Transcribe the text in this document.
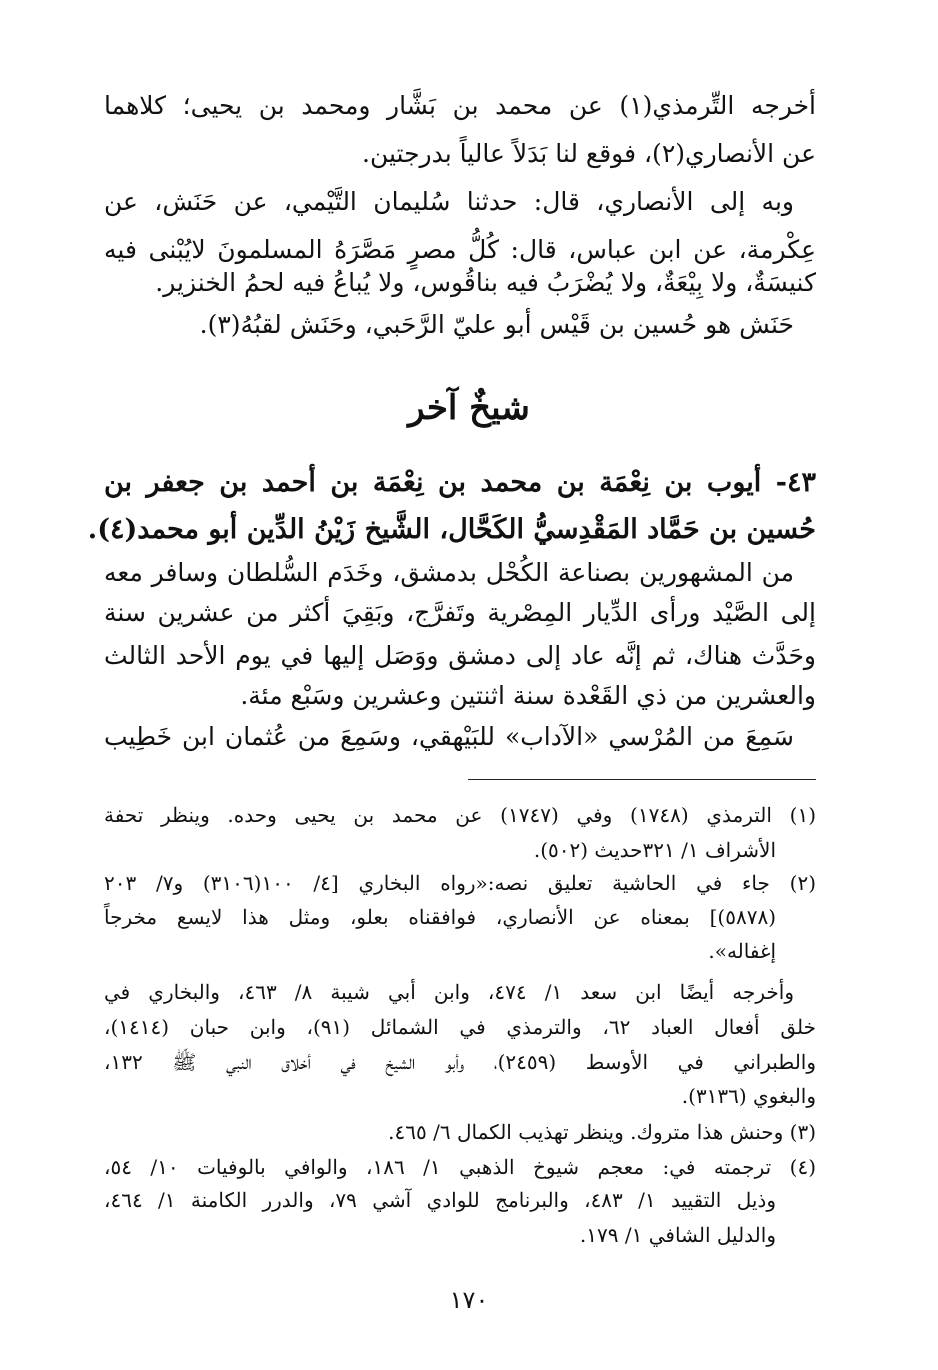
أخرجه التِّرمذي(١) عن محمد بن بَشَّار ومحمد بن يحيى؛ كلاهما
عن الأنصاري(٢)، فوقع لنا بَدَلاً عالياً بدرجتين.
وبه إلى الأنصاري، قال: حدثنا سُليمان التَّيْمي، عن حَنَش، عن
عِكْرمة، عن ابن عباس، قال: كُلُّ مصرٍ مَصَّرَهُ المسلمونَ لايُبْنى فيه
كنيسَةٌ، ولا بِيْعَةٌ، ولا يُضْرَبُ فيه بناقُوس، ولا يُباعُ فيه لحمُ الخنزير.
حَنَش هو حُسين بن قَيْس أبو عليّ الرَّحَبي، وحَنَش لقبُهُ(٣).
شيخٌ آخر
٤٣- أيوب بن نِعْمَة بن محمد بن نِعْمَة بن أحمد بن جعفر بن
حُسين بن حَمَّاد المَقْدِسيُّ الكَحَّال، الشَّيخ زَيْنُ الدِّين أبو محمد(٤).
من المشهورين بصناعة الكُحْل بدمشق، وخَدَم السُّلطان وسافر معه
إلى الصَّيْد ورأى الدِّيار المِصْرية وتَفرَّج، وبَقِيَ أكثر من عشرين سنة
وحَدَّث هناك، ثم إنَّه عاد إلى دمشق ووَصَل إليها في يوم الأحد الثالث
والعشرين من ذي القَعْدة سنة اثنتين وعشرين وسَبْع مئة.
سَمِعَ من المُرْسي «الآداب» للبَيْهقي، وسَمِعَ من عُثمان ابن خَطِيب
(١) الترمذي (١٧٤٨) وفي (١٧٤٧) عن محمد بن يحيى وحده. وينظر تحفة
الأشراف ١/ ٣٢١حديث (٥٠٢).
(٢) جاء في الحاشية تعليق نصه:«رواه البخاري [٤/ ١٠٠(٣١٠٦) و٧/ ٢٠٣
(٥٨٧٨)] بمعناه عن الأنصاري، فوافقناه بعلو، ومثل هذا لايسع مخرجاً
إغفاله».
وأخرجه أيضًا ابن سعد ١/ ٤٧٤، وابن أبي شيبة ٨/ ٤٦٣، والبخاري في
خلق أفعال العباد ٦٢، والترمذي في الشمائل (٩١)، وابن حبان (١٤١٤)،
والطبراني في الأوسط (٢٤٥٩)، وأبو الشيخ في أخلاق النبي ﷺ ١٣٢،
والبغوي (٣١٣٦).
(٣) وحنش هذا متروك. وينظر تهذيب الكمال ٦/ ٤٦٥.
(٤) ترجمته في: معجم شيوخ الذهبي ١/ ١٨٦، والوافي بالوفيات ١٠/ ٥٤،
وذيل التقييد ١/ ٤٨٣، والبرنامج للوادي آشي ٧٩، والدرر الكامنة ١/ ٤٦٤،
والدليل الشافي ١/ ١٧٩.
١٧٠
